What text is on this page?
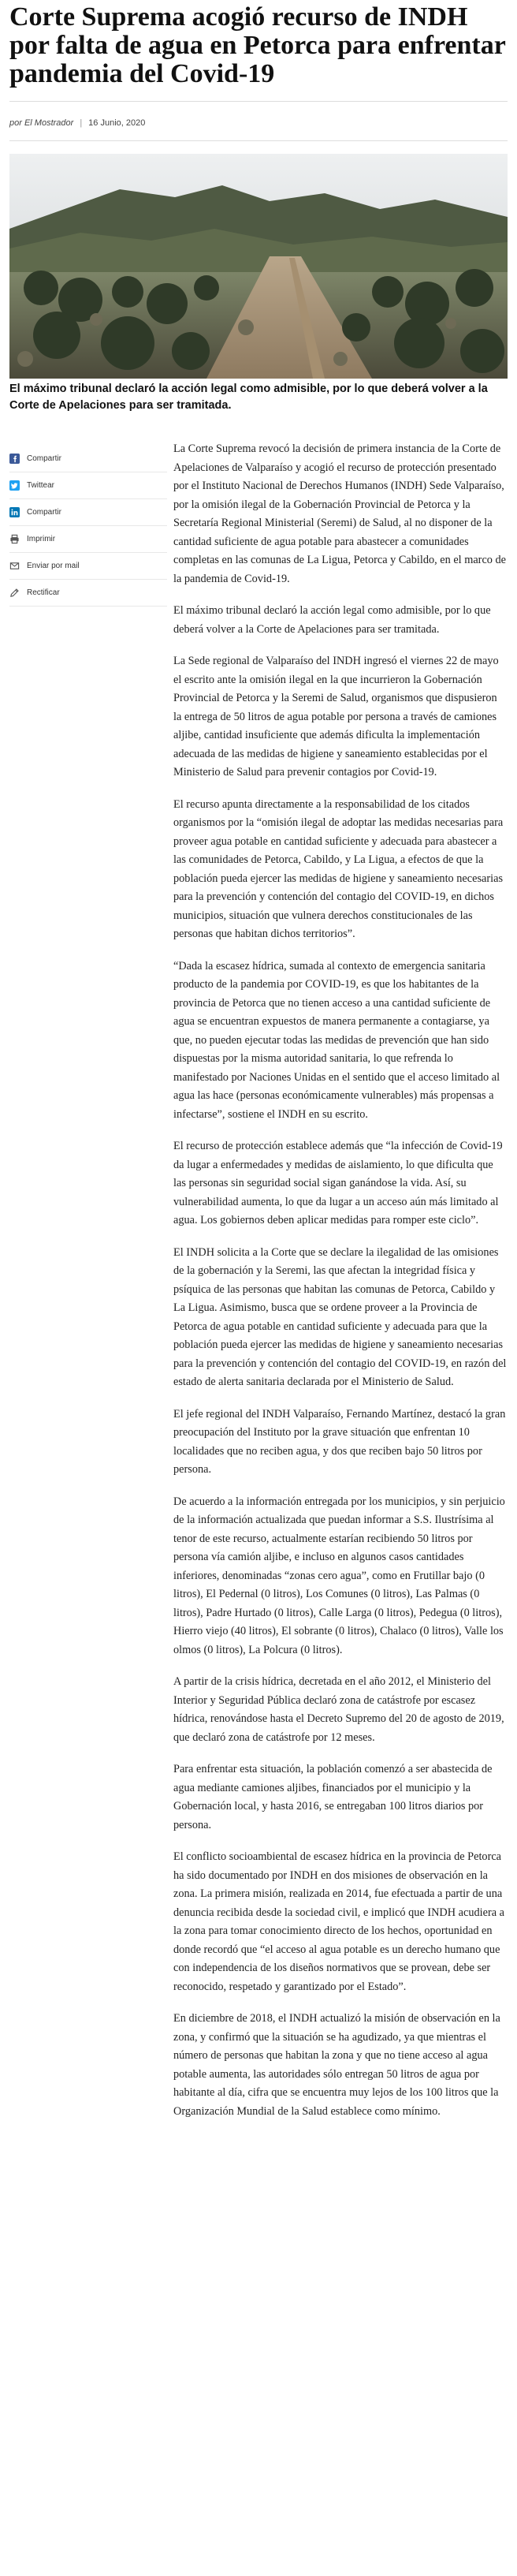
Corte Suprema acogió recurso de INDH por falta de agua en Petorca para enfrentar pandemia del Covid-19
por El Mostrador | 16 Junio, 2020

El máximo tribunal declaró la acción legal como admisible, por lo que deberá volver a la Corte de Apelaciones para ser tramitada.

Compartir
Twittear
Compartir
Imprimir
Enviar por mail
Rectificar

La Corte Suprema revocó la decisión de primera instancia de la Corte de Apelaciones de Valparaíso y acogió el recurso de protección presentado por el Instituto Nacional de Derechos Humanos (INDH) Sede Valparaíso, por la omisión ilegal de la Gobernación Provincial de Petorca y la Secretaría Regional Ministerial (Seremi) de Salud, al no disponer de la cantidad suficiente de agua potable para abastecer a comunidades completas en las comunas de La Ligua, Petorca y Cabildo, en el marco de la pandemia de Covid-19.

El máximo tribunal declaró la acción legal como admisible, por lo que deberá volver a la Corte de Apelaciones para ser tramitada.

La Sede regional de Valparaíso del INDH ingresó el viernes 22 de mayo el escrito ante la omisión ilegal en la que incurrieron la Gobernación Provincial de Petorca y la Seremi de Salud, organismos que dispusieron la entrega de 50 litros de agua potable por persona a través de camiones aljibe, cantidad insuficiente que además dificulta la implementación adecuada de las medidas de higiene y saneamiento establecidas por el Ministerio de Salud para prevenir contagios por Covid-19.

El recurso apunta directamente a la responsabilidad de los citados organismos por la “omisión ilegal de adoptar las medidas necesarias para proveer agua potable en cantidad suficiente y adecuada para abastecer a las comunidades de Petorca, Cabildo, y La Ligua, a efectos de que la población pueda ejercer las medidas de higiene y saneamiento necesarias para la prevención y contención del contagio del COVID-19, en dichos municipios, situación que vulnera derechos constitucionales de las personas que habitan dichos territorios”.

“Dada la escasez hídrica, sumada al contexto de emergencia sanitaria producto de la pandemia por COVID-19, es que los habitantes de la provincia de Petorca que no tienen acceso a una cantidad suficiente de agua se encuentran expuestos de manera permanente a contagiarse, ya que, no pueden ejecutar todas las medidas de prevención que han sido dispuestas por la misma autoridad sanitaria, lo que refrenda lo manifestado por Naciones Unidas en el sentido que el acceso limitado al agua las hace (personas económicamente vulnerables) más propensas a infectarse”, sostiene el INDH en su escrito.

El recurso de protección establece además que “la infección de Covid-19 da lugar a enfermedades y medidas de aislamiento, lo que dificulta que las personas sin seguridad social sigan ganándose la vida. Así, su vulnerabilidad aumenta, lo que da lugar a un acceso aún más limitado al agua. Los gobiernos deben aplicar medidas para romper este ciclo”.

El INDH solicita a la Corte que se declare la ilegalidad de las omisiones de la gobernación y la Seremi, las que afectan la integridad física y psíquica de las personas que habitan las comunas de Petorca, Cabildo y La Ligua. Asimismo, busca que se ordene proveer a la Provincia de Petorca de agua potable en cantidad suficiente y adecuada para que la población pueda ejercer las medidas de higiene y saneamiento necesarias para la prevención y contención del contagio del COVID-19, en razón del estado de alerta sanitaria declarada por el Ministerio de Salud.

El jefe regional del INDH Valparaíso, Fernando Martínez, destacó la gran preocupación del Instituto por la grave situación que enfrentan 10 localidades que no reciben agua, y dos que reciben bajo 50 litros por persona.

De acuerdo a la información entregada por los municipios, y sin perjuicio de la información actualizada que puedan informar a S.S. Ilustrísima al tenor de este recurso, actualmente estarían recibiendo 50 litros por persona vía camión aljibe, e incluso en algunos casos cantidades inferiores, denominadas “zonas cero agua”, como en Frutillar bajo (0 litros), El Pedernal (0 litros), Los Comunes (0 litros), Las Palmas (0 litros), Padre Hurtado (0 litros), Calle Larga (0 litros), Pedegua (0 litros), Hierro viejo (40 litros), El sobrante (0 litros), Chalaco (0 litros), Valle los olmos (0 litros), La Polcura (0 litros).

A partir de la crisis hídrica, decretada en el año 2012, el Ministerio del Interior y Seguridad Pública declaró zona de catástrofe por escasez hídrica, renovándose hasta el Decreto Supremo del 20 de agosto de 2019, que declaró zona de catástrofe por 12 meses.

Para enfrentar esta situación, la población comenzó a ser abastecida de agua mediante camiones aljibes, financiados por el municipio y la Gobernación local, y hasta 2016, se entregaban 100 litros diarios por persona.

El conflicto socioambiental de escasez hídrica en la provincia de Petorca ha sido documentado por INDH en dos misiones de observación en la zona. La primera misión, realizada en 2014, fue efectuada a partir de una denuncia recibida desde la sociedad civil, e implicó que INDH acudiera a la zona para tomar conocimiento directo de los hechos, oportunidad en donde recordó que “el acceso al agua potable es un derecho humano que con independencia de los diseños normativos que se provean, debe ser reconocido, respetado y garantizado por el Estado”.

En diciembre de 2018, el INDH actualizó la misión de observación en la zona, y confirmó que la situación se ha agudizado, ya que mientras el número de personas que habitan la zona y que no tiene acceso al agua potable aumenta, las autoridades sólo entregan 50 litros de agua por habitante al día, cifra que se encuentra muy lejos de los 100 litros que la Organización Mundial de la Salud establece como mínimo.
